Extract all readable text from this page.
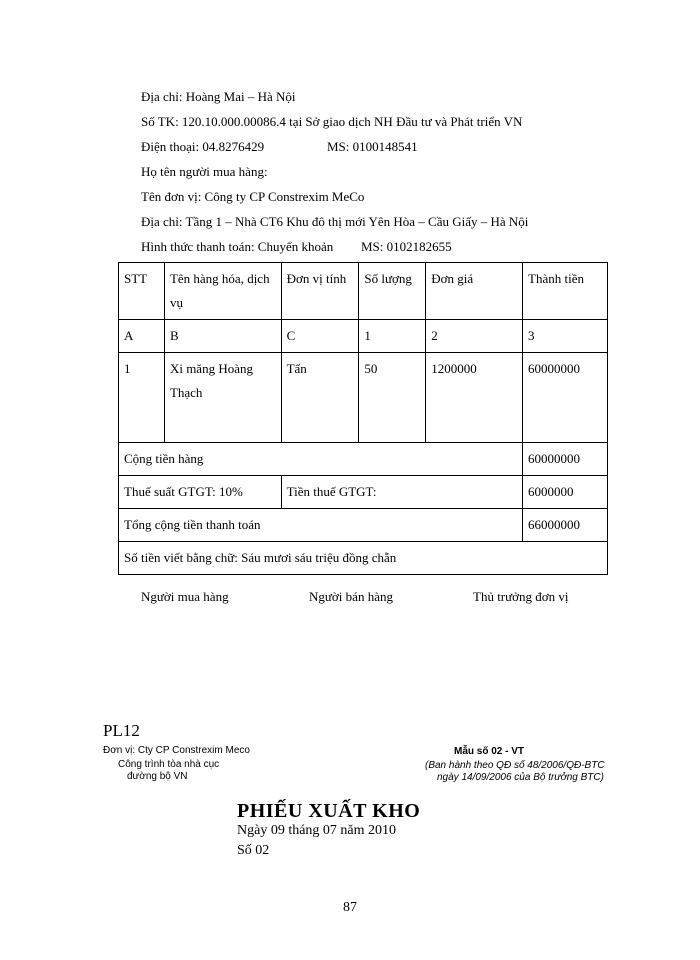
Địa chỉ: Hoàng Mai – Hà Nội
Số TK: 120.10.000.00086.4 tại Sở giao dịch NH Đầu tư và Phát triển VN
Điện thoại: 04.8276429	MS: 0100148541
Họ tên người mua hàng:
Tên đơn vị: Công ty CP Constrexim MeCo
Địa chỉ: Tầng 1 – Nhà CT6 Khu đô thị mới Yên Hòa – Cầu Giấy – Hà Nội
Hình thức thanh toán: Chuyển khoản MS: 0102182655
STT	Tên hàng hóa, dịch vụ	Đơn vị tính	Số lượng	Đơn giá	Thành tiền
A	B	C	1	2	3
1	Xi măng Hoàng Thạch	Tấn	50	1200000	60000000
Cộng tiền hàng					60000000
Thuế suất GTGT: 10%		Tiền thuế GTGT:			6000000
Tổng cộng tiền thanh toán					66000000
Số tiền viết bằng chữ: Sáu mươi sáu triệu đồng chẵn					
Người mua hàng	Người bán hàng	Thủ trưởng đơn vị
PL12
Đơn vị: Cty CP Constrexim Meco
Công trình tòa nhà cục
đường bộ VN
Mẫu số 02 - VT
(Ban hành theo QĐ số 48/2006/QĐ-BTC
ngày 14/09/2006 của Bộ trưởng BTC)
PHIẾU XUẤT KHO
Ngày 09 tháng 07 năm 2010
Số 02
87
